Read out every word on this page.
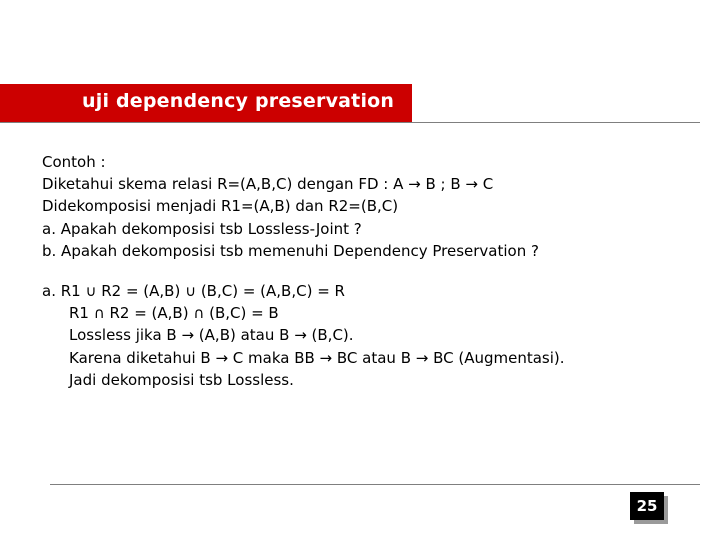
uji dependency preservation
Contoh :
Diketahui skema relasi R=(A,B,C) dengan FD : A → B ; B → C
Didekomposisi menjadi R1=(A,B) dan R2=(B,C)
a. Apakah dekomposisi tsb Lossless-Joint ?
b. Apakah dekomposisi tsb memenuhi Dependency Preservation ?
a. R1 ∪ R2 = (A,B) ∪ (B,C) = (A,B,C) = R
R1 ∩ R2 = (A,B) ∩ (B,C) = B
Lossless jika B → (A,B) atau B → (B,C).
Karena diketahui B → C maka BB → BC atau B → BC (Augmentasi).
Jadi dekomposisi tsb Lossless.
25
